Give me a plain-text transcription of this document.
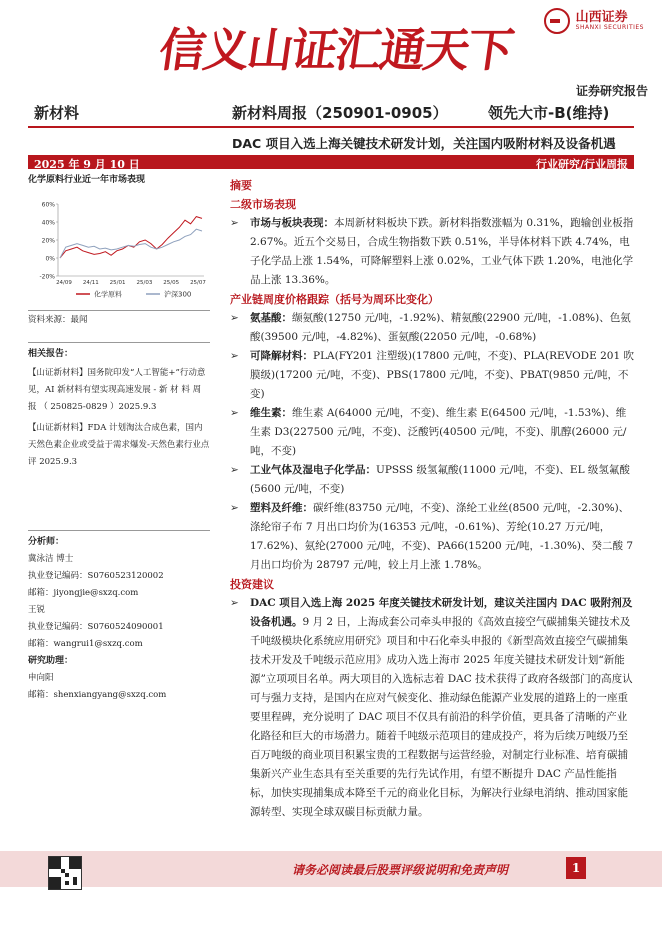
信义山证汇通天下
山西证券
SHANXI SECURITIES
证券研究报告
新材料	新材料周报（250901-0905）	领先大市-B(维持)
DAC 项目入选上海关键技术研发计划，关注国内吸附材料及设备机遇
2025 年 9 月 10 日	行业研究/行业周报

化学原料行业近一年市场表现

60%
40%
20%
0%
-20%
24/09 24/11 25/01 25/03 25/05 25/07
化学原料	沪深300

资料来源：最闻

相关报告：

【山证新材料】国务院印发“人工智能+”行动意见，AI 新材料有望实现高速发展 - 新 材 料 周 报 （ 250825-0829 ）2025.9.3

【山证新材料】FDA 计划淘汰合成色素，国内天然色素企业或受益于需求爆发-天然色素行业点评 2025.9.3

分析师：

冀泳洁 博士

执业登记编码：S0760523120002

邮箱：jiyongjie@sxzq.com

王锐

执业登记编码：S0760524090001

邮箱：wangrui1@sxzq.com

研究助理：

申向阳

邮箱：shenxiangyang@sxzq.com

摘要

二级市场表现

➢ 市场与板块表现：本周新材料板块下跌。新材料指数涨幅为 0.31%，跑输创业板指 2.67%。近五个交易日，合成生物指数下跌 0.51%，半导体材料下跌 4.74%，电子化学品上涨 1.54%，可降解塑料上涨 0.02%，工业气体下跌 1.20%，电池化学品上涨 13.36%。

产业链周度价格跟踪（括号为周环比变化）

➢ 氨基酸：缬氨酸(12750 元/吨，-1.92%)、精氨酸(22900 元/吨，-1.08%)、色氨酸(39500 元/吨，-4.82%)、蛋氨酸(22050 元/吨，-0.68%)

➢ 可降解材料：PLA(FY201 注塑级)(17800 元/吨，不变)、PLA(REVODE 201 吹膜级)(17200 元/吨，不变)、PBS(17800 元/吨，不变)、PBAT(9850 元/吨，不变)

➢ 维生素：维生素 A(64000 元/吨，不变)、维生素 E(64500 元/吨，-1.53%)、维生素 D3(227500 元/吨，不变)、泛酸钙(40500 元/吨，不变)、肌醇(26000 元/吨，不变)

➢ 工业气体及湿电子化学品：UPSSS 级氢氟酸(11000 元/吨，不变)、EL 级氢氟酸(5600 元/吨，不变)

➢ 塑料及纤维：碳纤维(83750 元/吨，不变)、涤纶工业丝(8500 元/吨，-2.30%)、涤纶帘子布 7 月出口均价为(16353 元/吨，-0.61%)、芳纶(10.27 万元/吨，17.62%)、氨纶(27000 元/吨，不变)、PA66(15200 元/吨，-1.30%)、癸二酸 7 月出口均价为 28797 元/吨，较上月上涨 1.78%。

投资建议

➢ DAC 项目入选上海 2025 年度关键技术研发计划，建议关注国内 DAC 吸附剂及设备机遇。9 月 2 日，上海成套公司牵头申报的《高效直接空气碳捕集关键技术及千吨级模块化系统应用研究》项目和中石化牵头申报的《新型高效直接空气碳捕集技术开发及千吨级示范应用》成功入选上海市 2025 年度关键技术研发计划“新能源”立项项目名单。两大项目的入选标志着 DAC 技术获得了政府各级部门的高度认可与强力支持，是国内在应对气候变化、推动绿色能源产业发展的道路上的一座重要里程碑，充分说明了 DAC 项目不仅具有前沿的科学价值，更具备了清晰的产业化路径和巨大的市场潜力。随着千吨级示范项目的建成投产，将为后续万吨级乃至百万吨级的商业项目积累宝贵的工程数据与运营经验，对制定行业标准、培育碳捕集新兴产业生态具有至关重要的先行先试作用，有望不断提升 DAC 产品性能指标，加快实现捕集成本降至千元的商业化目标，为解决行业绿电消纳、推动国家能源转型、实现全球双碳目标贡献力量。

请务必阅读最后股票评级说明和免责声明	1
